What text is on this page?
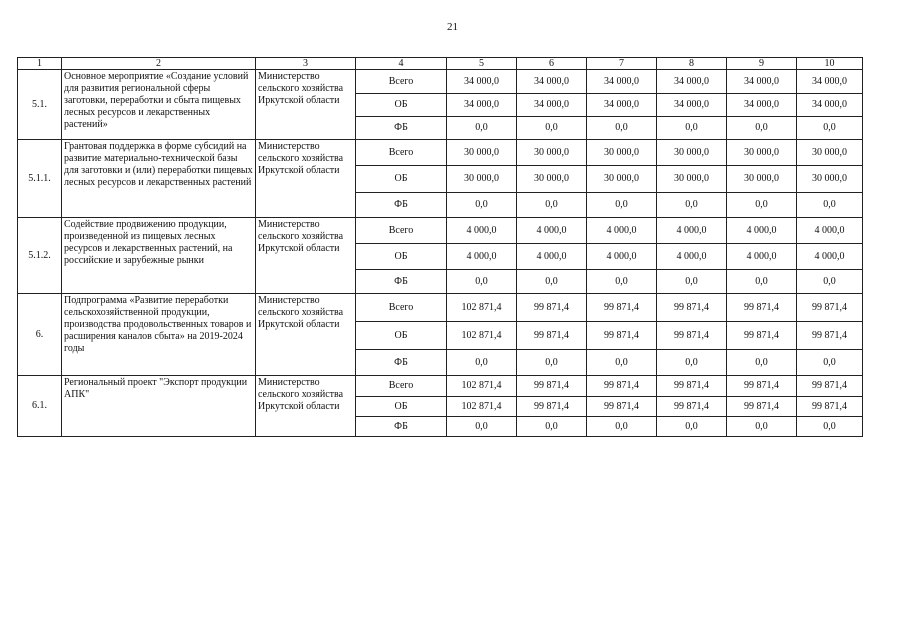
21
1	2	3	4	5	6	7	8	9	10
5.1.	Основное мероприятие «Создание условий для развития региональной сферы заготовки, переработки и сбыта пищевых лесных ресурсов и лекарственных растений»	Министерство сельского хозяйства Иркутской области	Всего	34 000,0	34 000,0	34 000,0	34 000,0	34 000,0	34 000,0
			ОБ	34 000,0	34 000,0	34 000,0	34 000,0	34 000,0	34 000,0
			ФБ	0,0	0,0	0,0	0,0	0,0	0,0
5.1.1.	Грантовая поддержка в форме субсидий на развитие материально-технической базы для заготовки и (или) переработки пищевых лесных ресурсов и лекарственных растений	Министерство сельского хозяйства Иркутской области	Всего	30 000,0	30 000,0	30 000,0	30 000,0	30 000,0	30 000,0
			ОБ	30 000,0	30 000,0	30 000,0	30 000,0	30 000,0	30 000,0
			ФБ	0,0	0,0	0,0	0,0	0,0	0,0
5.1.2.	Содействие продвижению продукции, произведенной из пищевых лесных ресурсов и лекарственных растений, на российские и зарубежные рынки	Министерство сельского хозяйства Иркутской области	Всего	4 000,0	4 000,0	4 000,0	4 000,0	4 000,0	4 000,0
			ОБ	4 000,0	4 000,0	4 000,0	4 000,0	4 000,0	4 000,0
			ФБ	0,0	0,0	0,0	0,0	0,0	0,0
6.	Подпрограмма «Развитие переработки сельскохозяйственной продукции, производства продовольственных товаров и расширения каналов сбыта» на 2019-2024 годы	Министерство сельского хозяйства Иркутской области	Всего	102 871,4	99 871,4	99 871,4	99 871,4	99 871,4	99 871,4
			ОБ	102 871,4	99 871,4	99 871,4	99 871,4	99 871,4	99 871,4
			ФБ	0,0	0,0	0,0	0,0	0,0	0,0
6.1.	Региональный проект "Экспорт продукции АПК"	Министерство сельского хозяйства Иркутской области	Всего	102 871,4	99 871,4	99 871,4	99 871,4	99 871,4	99 871,4
			ОБ	102 871,4	99 871,4	99 871,4	99 871,4	99 871,4	99 871,4
			ФБ	0,0	0,0	0,0	0,0	0,0	0,0
